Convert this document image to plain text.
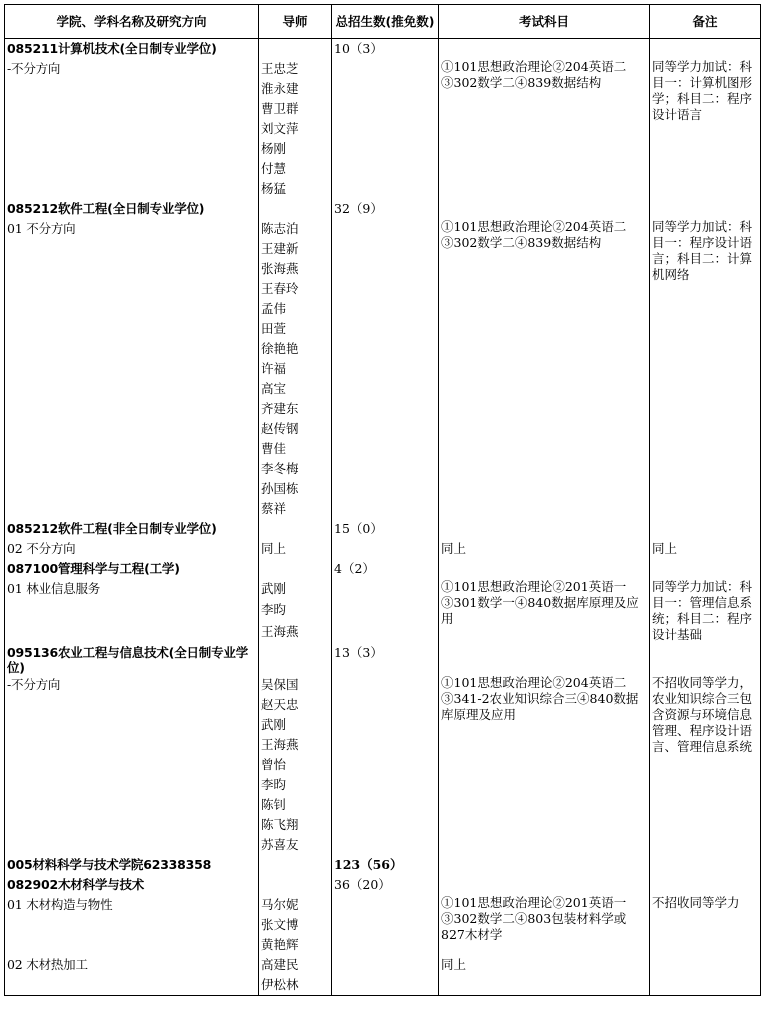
学院、学科名称及研究方向	导师	总招生数(推免数)	考试科目	备注
085211计算机技术(全日制专业学位)		10（3）		
-不分方向	王忠芝		①101思想政治理论②204英语二③302数学二④839数据结构	同等学力加试：科目一：计算机图形学；科目二：程序设计语言

	淮永建			
	曹卫群			
	刘文萍			
	杨刚			
	付慧			
	杨猛			
085212软件工程(全日制专业学位)		32（9）		
01 不分方向	陈志泊		①101思想政治理论②204英语二③302数学二④839数据结构	同等学力加试：科目一：程序设计语言；科目二：计算机网络

	王建新			
	张海燕			
	王春玲			
	孟伟			
	田萱			
	徐艳艳			
	许福			
	高宝			
	齐建东			
	赵传钢			
	曹佳			
	李冬梅			
	孙国栋			
	蔡祥			
085212软件工程(非全日制专业学位)		15（0）		
02 不分方向	同上		同上	同上
087100管理科学与工程(工学)		4（2）		
01 林业信息服务	武刚		①101思想政治理论②201英语一③301数学一④840数据库原理及应用	同等学力加试：科目一：管理信息系统；科目二：程序设计基础

	李昀			
	王海燕			

095136农业工程与信息技术(全日制专业学位)		13（3）		
-不分方向	吴保国		①101思想政治理论②204英语二③341-2农业知识综合三④840数据库原理及应用	不招收同等学力，农业知识综合三包含资源与环境信息管理、程序设计语言、管理信息系统

	赵天忠			
	武刚			
	王海燕			
	曾怡			
	李昀			
	陈钊			
	陈飞翔			
	苏喜友			
005材料科学与技术学院62338358		123（56）		
082902木材科学与技术		36（20）		
01 木材构造与物性	马尔妮		①101思想政治理论②201英语一③302数学二④803包装材料学或827木材学	不招收同等学力

	张文博			
	黄艳辉			
02 木材热加工	高建民		同上	
	伊松林			
